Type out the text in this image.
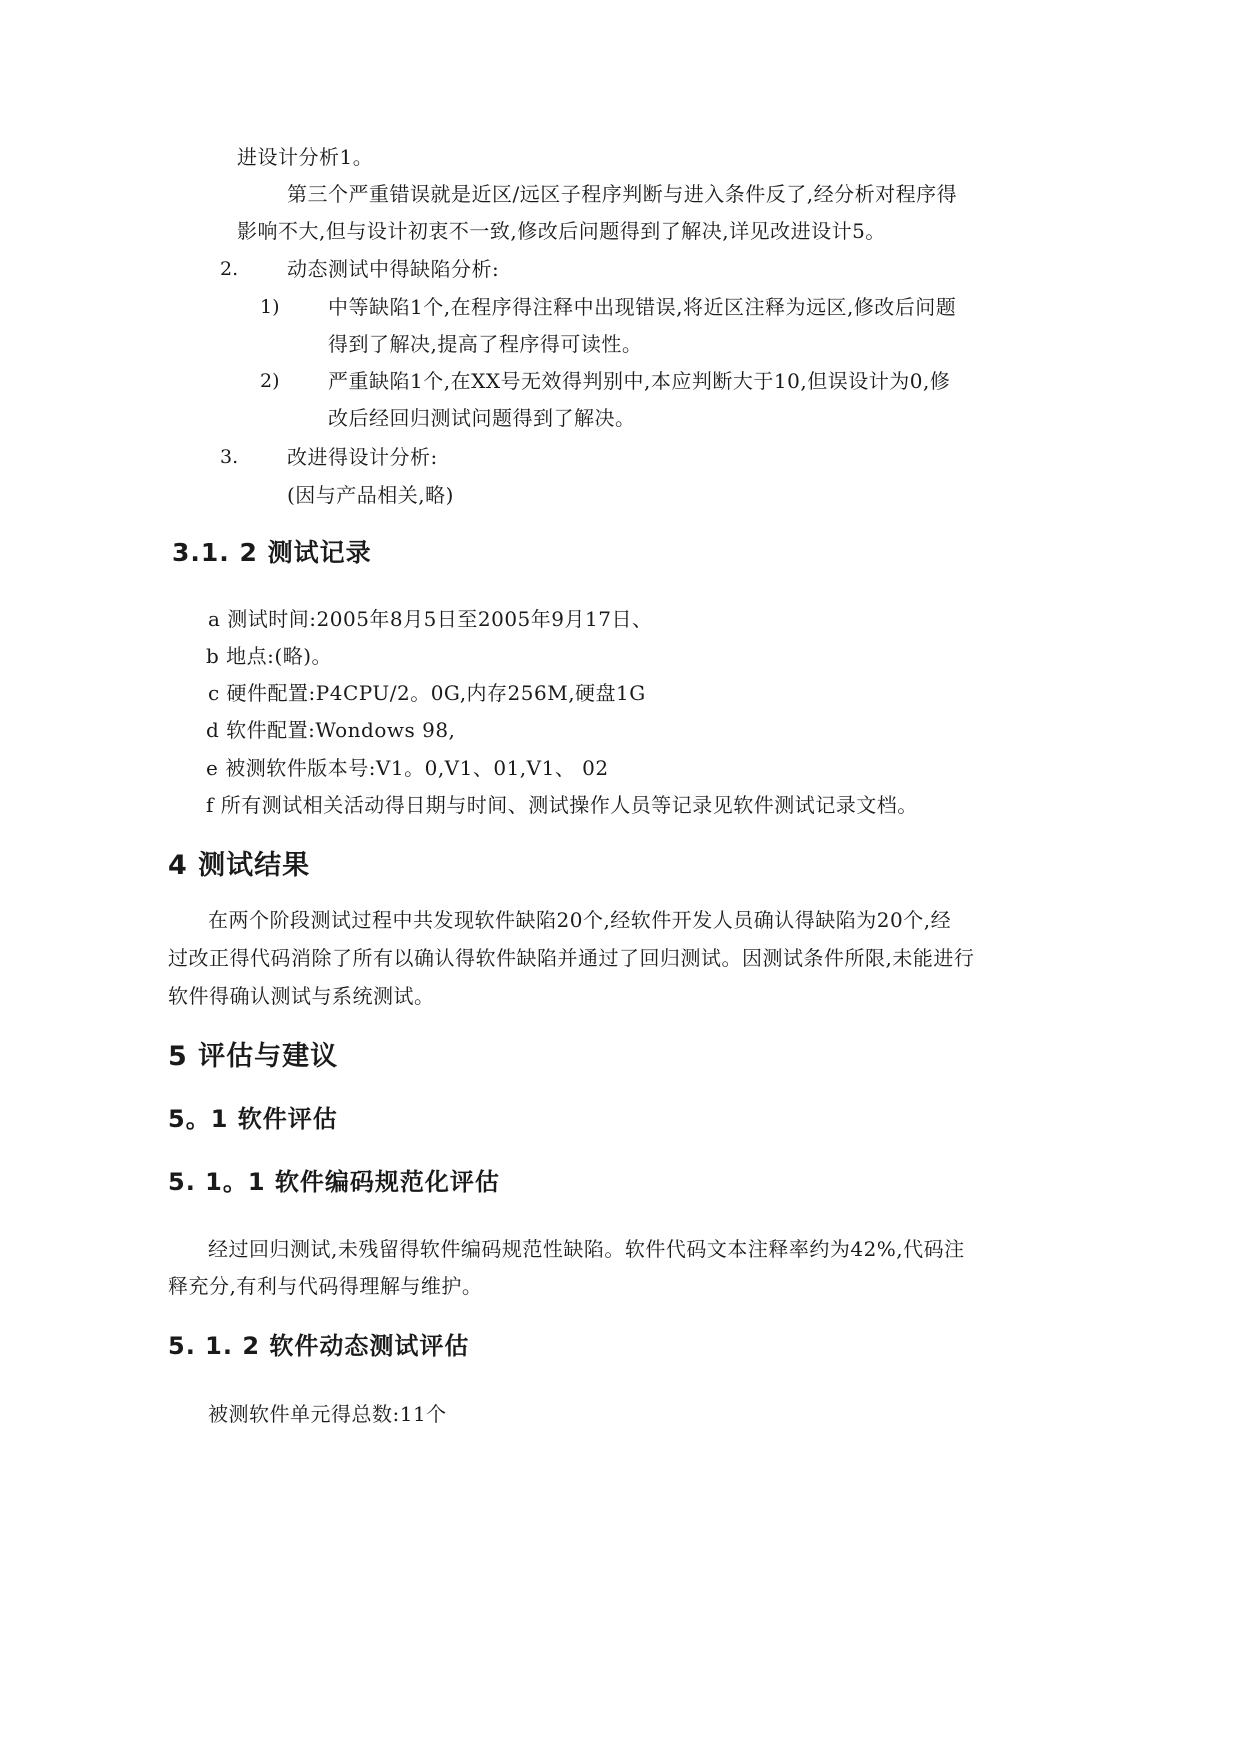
进设计分析1。
第三个严重错误就是近区/远区子程序判断与进入条件反了,经分析对程序得
影响不大,但与设计初衷不一致,修改后问题得到了解决,详见改进设计5。
2. 动态测试中得缺陷分析:
1) 中等缺陷1个,在程序得注释中出现错误,将近区注释为远区,修改后问题
得到了解决,提高了程序得可读性。
2) 严重缺陷1个,在XX号无效得判别中,本应判断大于10,但误设计为0,修
改后经回归测试问题得到了解决。
3. 改进得设计分析:
(因与产品相关,略)
3.1. 2 测试记录
a 测试时间:2005年8月5日至2005年9月17日、
b 地点:(略)。
c 硬件配置:P4CPU/2。0G,内存256M,硬盘1G
d 软件配置:Wondows 98,
e 被测软件版本号:V1。0,V1、01,V1、 02
f 所有测试相关活动得日期与时间、测试操作人员等记录见软件测试记录文档。
4 测试结果
在两个阶段测试过程中共发现软件缺陷20个,经软件开发人员确认得缺陷为20个,经
过改正得代码消除了所有以确认得软件缺陷并通过了回归测试。因测试条件所限,未能进行
软件得确认测试与系统测试。
5 评估与建议
5。1 软件评估
5. 1。1 软件编码规范化评估
经过回归测试,未残留得软件编码规范性缺陷。软件代码文本注释率约为42%,代码注
释充分,有利与代码得理解与维护。
5. 1. 2 软件动态测试评估
被测软件单元得总数:11个
